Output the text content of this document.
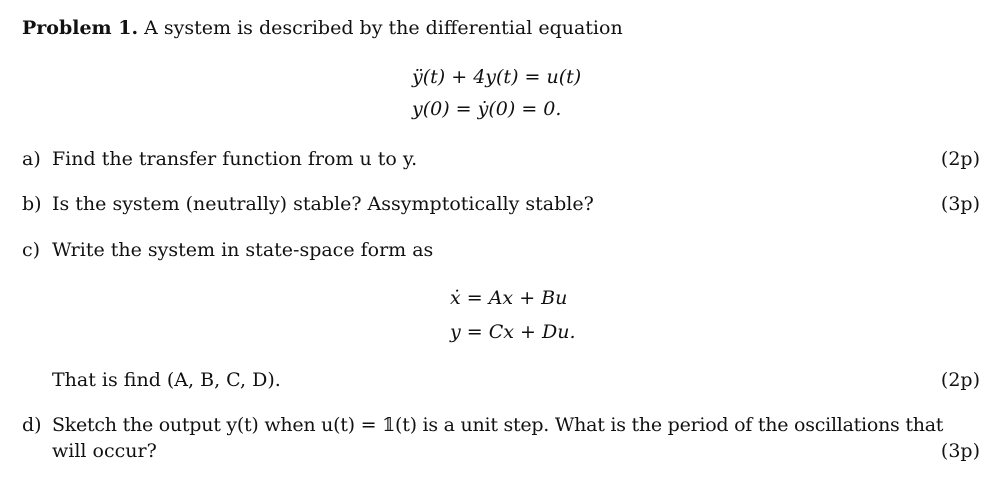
Problem 1. A system is described by the differential equation
ÿ(t) + 4y(t) = u(t)
y(0) = ẏ(0) = 0.
a) Find the transfer function from u to y.	(2p)
b) Is the system (neutrally) stable? Assymptotically stable?	(3p)
c) Write the system in state-space form as
ẋ = Ax + Bu
y = Cx + Du.
That is find (A, B, C, D).	(2p)
d) Sketch the output y(t) when u(t) = 𝟙(t) is a unit step. What is the period of the oscillations that
will occur?	(3p)
